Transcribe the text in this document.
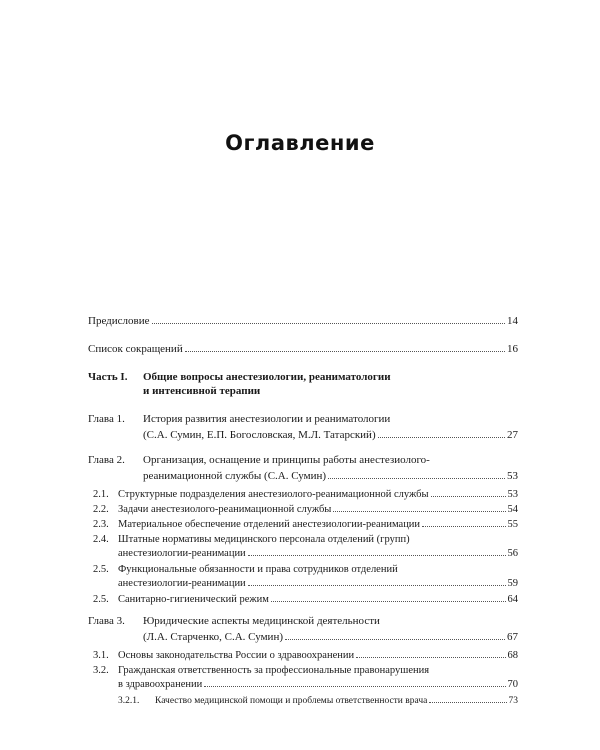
Оглавление
Предисловие	14
Список сокращений	16
Часть I. Общие вопросы анестезиологии, реаниматологии
и интенсивной терапии
Глава 1. История развития анестезиологии и реаниматологии
(С.А. Сумин, Е.П. Богословская, М.Л. Татарский)	27
Глава 2. Организация, оснащение и принципы работы анестезиолого-
реанимационной службы (С.А. Сумин)	53
2.1. Структурные подразделения анестезиолого-реанимационной службы	53
2.2. Задачи анестезиолого-реанимационной службы	54
2.3. Материальное обеспечение отделений анестезиологии-реанимации	55
2.4. Штатные нормативы медицинского персонала отделений (групп)
анестезиологии-реанимации	56
2.5. Функциональные обязанности и права сотрудников отделений
анестезиологии-реанимации	59
2.5. Санитарно-гигиенический режим	64
Глава 3. Юридические аспекты медицинской деятельности
(Л.А. Старченко, С.А. Сумин)	67
3.1. Основы законодательства России о здравоохранении	68
3.2. Гражданская ответственность за профессиональные правонарушения
в здравоохранении	70
3.2.1. Качество медицинской помощи и проблемы ответственности врача	73
